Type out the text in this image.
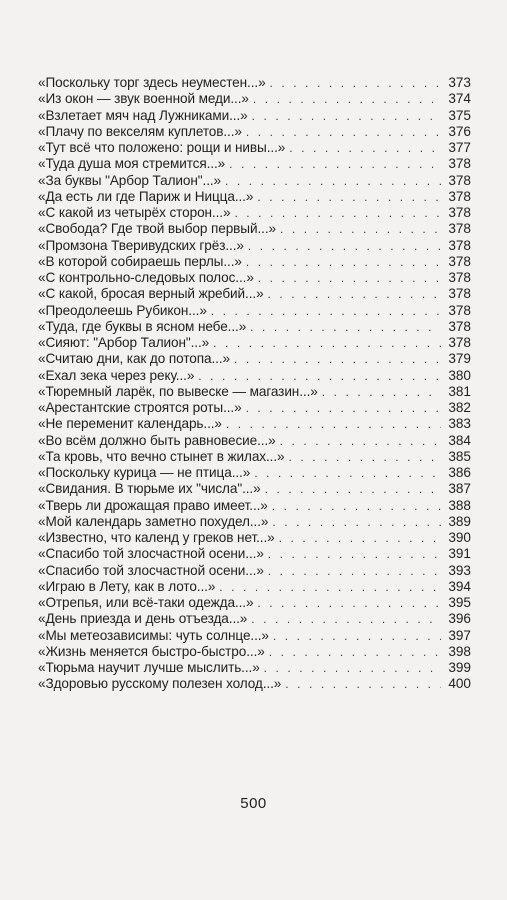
«Поскольку торг здесь неуместен...» . . .	373
«Из окон — звук военной меди...» . . .	374
«Взлетает мяч над Лужниками...» . . .	375
«Плачу по векселям куплетов...» . . .	376
«Тут всё что положено: рощи и нивы...» . . .	377
«Туда душа моя стремится...» . . .	378
«За буквы "Арбор Талион"...» . . .	378
«Да есть ли где Париж и Ницца...» . . .	378
«С какой из четырёх сторон...» . . .	378
«Свобода? Где твой выбор первый...» . . .	378
«Промзона Тверивудских грёз...» . . .	378
«В которой собираешь перлы...» . . .	378
«С контрольно-следовых полос...» . . .	378
«С какой, бросая верный жребий...» . . .	378
«Преодолеешь Рубикон...» . . .	378
«Туда, где буквы в ясном небе...» . . .	378
«Сияют: "Арбор Талион"...» . . .	378
«Считаю дни, как до потопа...» . . .	379
«Ехал зека через реку...» . . .	380
«Тюремный ларёк, по вывеске — магазин...» . . .	381
«Арестантские строятся роты...» . . .	382
«Не переменит календарь...» . . .	383
«Во всём должно быть равновесие...» . . .	384
«Та кровь, что вечно стынет в жилах...» . . .	385
«Поскольку курица — не птица...» . . .	386
«Свидания. В тюрьме их "числа"...» . . .	387
«Тверь ли дрожащая право имеет...» . . .	388
«Мой календарь заметно похудел...» . . .	389
«Известно, что календ у греков нет...» . . .	390
«Спасибо той злосчастной осени...» . . .	391
«Спасибо той злосчастной осени...» . . .	393
«Играю в Лету, как в лото...» . . .	394
«Отрепья, или всё-таки одежда...» . . .	395
«День приезда и день отъезда...» . . .	396
«Мы метеозависимы: чуть солнце...» . . .	397
«Жизнь меняется быстро-быстро...» . . .	398
«Тюрьма научит лучше мыслить...» . . .	399
«Здоровью русскому полезен холод...» . . .	400
500
